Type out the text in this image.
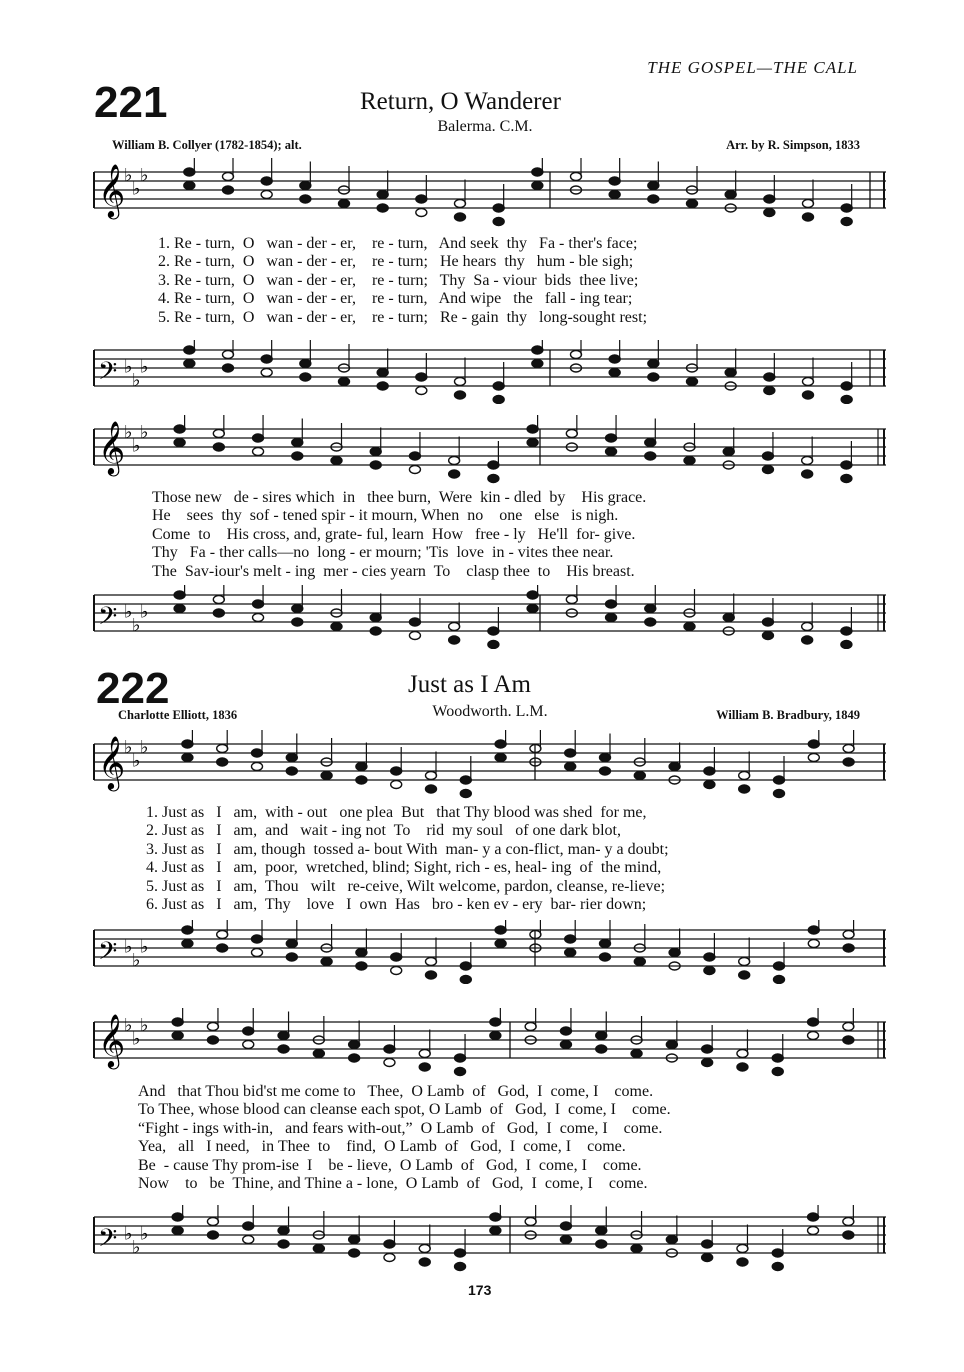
THE GOSPEL—THE CALL
221	Return, O Wanderer
Balerma. C.M.
William B. Collyer (1782-1854); alt.	Arr. by R. Simpson, 1833
𝄞
♭
♭
♭
1. Re - turn,  O   wan - der - er,    re - turn,   And seek  thy   Fa - ther's face;
2. Re - turn,  O   wan - der - er,    re - turn;   He hears  thy   hum - ble sigh;
3. Re - turn,  O   wan - der - er,    re - turn;   Thy  Sa - viour  bids  thee live;
4. Re - turn,  O   wan - der - er,    re - turn,   And wipe   the   fall - ing tear;
5. Re - turn,  O   wan - der - er,    re - turn;   Re - gain  thy   long-sought rest;
𝄢 ♭
♭
♭
𝄞
♭
♭
♭
Those new   de - sires which  in   thee burn,  Were  kin - dled  by    His grace.
He    sees  thy  sof - tened spir - it mourn, When  no    one   else   is nigh.
Come  to    His cross, and, grate- ful, learn  How   free - ly   He'll  for- give.
Thy   Fa - ther calls—no  long - er mourn; 'Tis  love  in - vites thee near.
The  Sav-iour's melt - ing  mer - cies yearn  To    clasp thee  to    His breast.
𝄢 ♭
♭
♭
222	Just as I Am
Charlotte Elliott, 1836	Woodworth. L.M.	William B. Bradbury, 1849
𝄞
♭
♭
♭
1. Just as   I   am,  with - out   one plea  But   that Thy blood was shed  for me,
2. Just as   I   am,  and   wait - ing not  To    rid  my soul   of one dark blot,
3. Just as   I   am, though  tossed a- bout With  man- y a con-flict, man- y a doubt;
4. Just as   I   am,  poor,  wretched, blind; Sight, rich - es, heal- ing  of  the mind,
5. Just as   I   am,  Thou   wilt   re-ceive, Wilt welcome, pardon, cleanse, re-lieve;
6. Just as   I   am,  Thy    love   I  own  Has   bro - ken ev - ery  bar- rier down;
𝄢 ♭
♭
♭
𝄞
♭
♭
♭
And   that Thou bid'st me come to   Thee,  O Lamb  of   God,  I  come, I    come.
To Thee, whose blood can cleanse each spot, O Lamb  of   God,  I  come, I    come.
“Fight - ings with-in,   and fears with-out,”  O Lamb  of   God,  I  come, I    come.
Yea,   all   I need,   in Thee  to    find,  O Lamb  of   God,  I  come, I    come.
Be  - cause Thy prom-ise  I    be - lieve,  O Lamb  of   God,  I  come, I    come.
Now    to   be  Thine, and Thine a - lone,  O Lamb  of   God,  I  come, I    come.
𝄢 ♭
♭
♭
173
